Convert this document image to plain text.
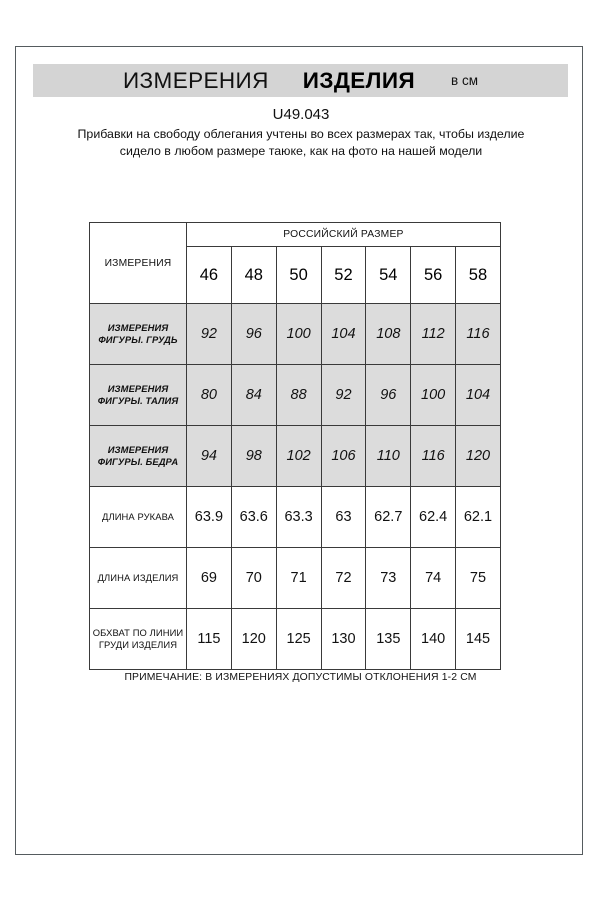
ИЗМЕРЕНИЯ ИЗДЕЛИЯ	в см
U49.043
Прибавки на свободу облегания учтены во всех размерах так, чтобы изделие сидело в любом размере таюке, как на фото на нашей модели
ИЗМЕРЕНИЯ	РОССИЙСКИЙ РАЗМЕР						
	46	48	50	52	54	56	58
ИЗМЕРЕНИЯ ФИГУРЫ. ГРУДЬ	92	96	100	104	108	112	116
ИЗМЕРЕНИЯ ФИГУРЫ. ТАЛИЯ	80	84	88	92	96	100	104
ИЗМЕРЕНИЯ ФИГУРЫ. БЕДРА	94	98	102	106	110	116	120
ДЛИНА РУКАВА	63.9	63.6	63.3	63	62.7	62.4	62.1
ДЛИНА ИЗДЕЛИЯ	69	70	71	72	73	74	75
ОБХВАТ ПО ЛИНИИ ГРУДИ ИЗДЕЛИЯ	115	120	125	130	135	140	145
ПРИМЕЧАНИЕ: В ИЗМЕРЕНИЯХ ДОПУСТИМЫ ОТКЛОНЕНИЯ 1-2 СМ
